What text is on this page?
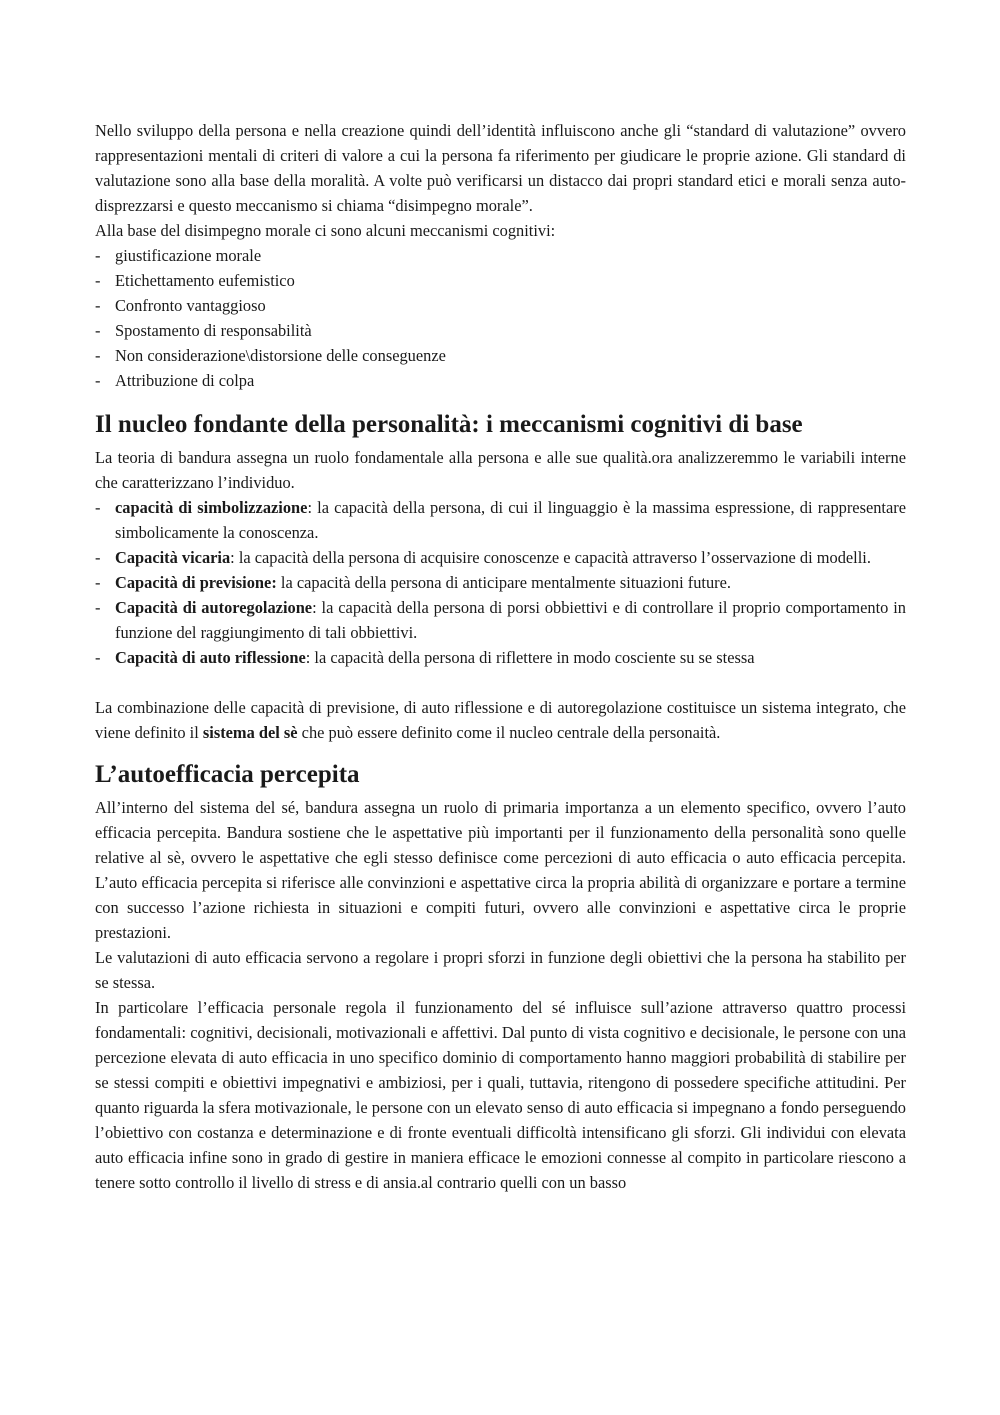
Nello sviluppo della persona e nella creazione quindi dell’identità influiscono anche gli “standard di valutazione” ovvero rappresentazioni mentali di criteri di valore a cui la persona fa riferimento per giudicare le proprie azione. Gli standard di valutazione sono alla base della moralità. A volte può verificarsi un distacco dai propri standard etici e morali senza auto-disprezzarsi e questo meccanismo si chiama “disimpegno morale”.

Alla base del disimpegno morale ci sono alcuni meccanismi cognitivi:

- giustificazione morale
- Etichettamento eufemistico
- Confronto vantaggioso
- Spostamento di responsabilità
- Non considerazione\distorsione delle conseguenze
- Attribuzione di colpa
Il nucleo fondante della personalità: i meccanismi cognitivi di base

La teoria di bandura assegna un ruolo fondamentale alla persona e alle sue qualità.ora analizzeremmo le variabili interne che caratterizzano l’individuo.

- capacità di simbolizzazione: la capacità della persona, di cui il linguaggio è la massima espressione, di rappresentare simbolicamente la conoscenza.
- Capacità vicaria: la capacità della persona di acquisire conoscenze e capacità attraverso l’osservazione di modelli.
- Capacità di previsione: la capacità della persona di anticipare mentalmente situazioni future.
- Capacità di autoregolazione: la capacità della persona di porsi obbiettivi e di controllare il proprio comportamento in funzione del raggiungimento di tali obbiettivi.
- Capacità di auto riflessione: la capacità della persona di riflettere in modo cosciente su se stessa

La combinazione delle capacità di previsione, di auto riflessione e di autoregolazione costituisce un sistema integrato, che viene definito il sistema del sè che può essere definito come il nucleo centrale della personaità.

L’autoefficacia percepita

All’interno del sistema del sé, bandura assegna un ruolo di primaria importanza a un elemento specifico, ovvero l’auto efficacia percepita. Bandura sostiene che le aspettative più importanti per il funzionamento della personalità sono quelle relative al sè, ovvero le aspettative che egli stesso definisce come percezioni di auto efficacia o auto efficacia percepita. L’auto efficacia percepita si riferisce alle convinzioni e aspettative circa la propria abilità di organizzare e portare a termine con successo l’azione richiesta in situazioni e compiti futuri, ovvero alle convinzioni e aspettative circa le proprie prestazioni.

Le valutazioni di auto efficacia servono a regolare i propri sforzi in funzione degli obiettivi che la persona ha stabilito per se stessa.

In particolare l’efficacia personale regola il funzionamento del sé influisce sull’azione attraverso quattro processi fondamentali: cognitivi, decisionali, motivazionali e affettivi. Dal punto di vista cognitivo e decisionale, le persone con una percezione elevata di auto efficacia in uno specifico dominio di comportamento hanno maggiori probabilità di stabilire per se stessi compiti e obiettivi impegnativi e ambiziosi, per i quali, tuttavia, ritengono di possedere specifiche attitudini. Per quanto riguarda la sfera motivazionale, le persone con un elevato senso di auto efficacia si impegnano a fondo perseguendo l’obiettivo con costanza e determinazione e di fronte eventuali difficoltà intensificano gli sforzi. Gli individui con elevata auto efficacia infine sono in grado di gestire in maniera efficace le emozioni connesse al compito in particolare riescono a tenere sotto controllo il livello di stress e di ansia.al contrario quelli con un basso
